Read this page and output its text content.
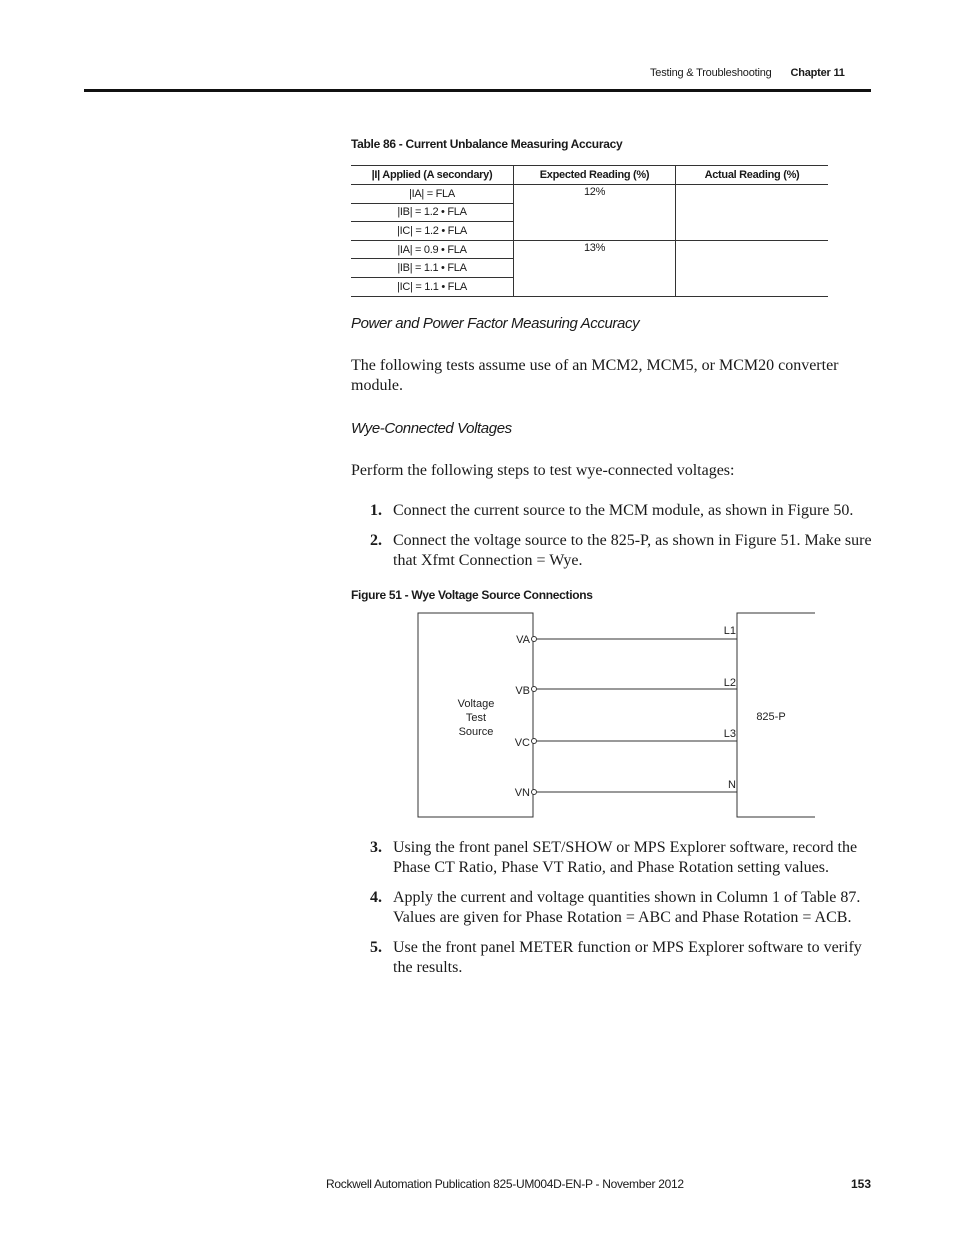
Testing & Troubleshooting Chapter 11
Table 86 - Current Unbalance Measuring Accuracy
|I| Applied (A secondary)	Expected Reading (%)	Actual Reading (%)
|IA| = FLA	12%	
|IB| = 1.2 • FLA		
|IC| = 1.2 • FLA		
|IA| = 0.9 • FLA	13%	
|IB| = 1.1 • FLA		
|IC| = 1.1 • FLA		
Power and Power Factor Measuring Accuracy
The following tests assume use of an MCM2, MCM5, or MCM20 converter module.
Wye-Connected Voltages
Perform the following steps to test wye-connected voltages:
1. Connect the current source to the MCM module, as shown in Figure 50.
2. Connect the voltage source to the 825-P, as shown in Figure 51. Make sure that Xfmt Connection = Wye.
Figure 51 - Wye Voltage Source Connections
Voltage
Test
Source
825-P
VA
VB
VC
VN
L1
L2
L3
N
3. Using the front panel SET/SHOW or MPS Explorer software, record the Phase CT Ratio, Phase VT Ratio, and Phase Rotation setting values.
4. Apply the current and voltage quantities shown in Column 1 of Table 87. Values are given for Phase Rotation = ABC and Phase Rotation = ACB.
5. Use the front panel METER function or MPS Explorer software to verify the results.
Rockwell Automation Publication 825-UM004D-EN-P - November 2012	153
